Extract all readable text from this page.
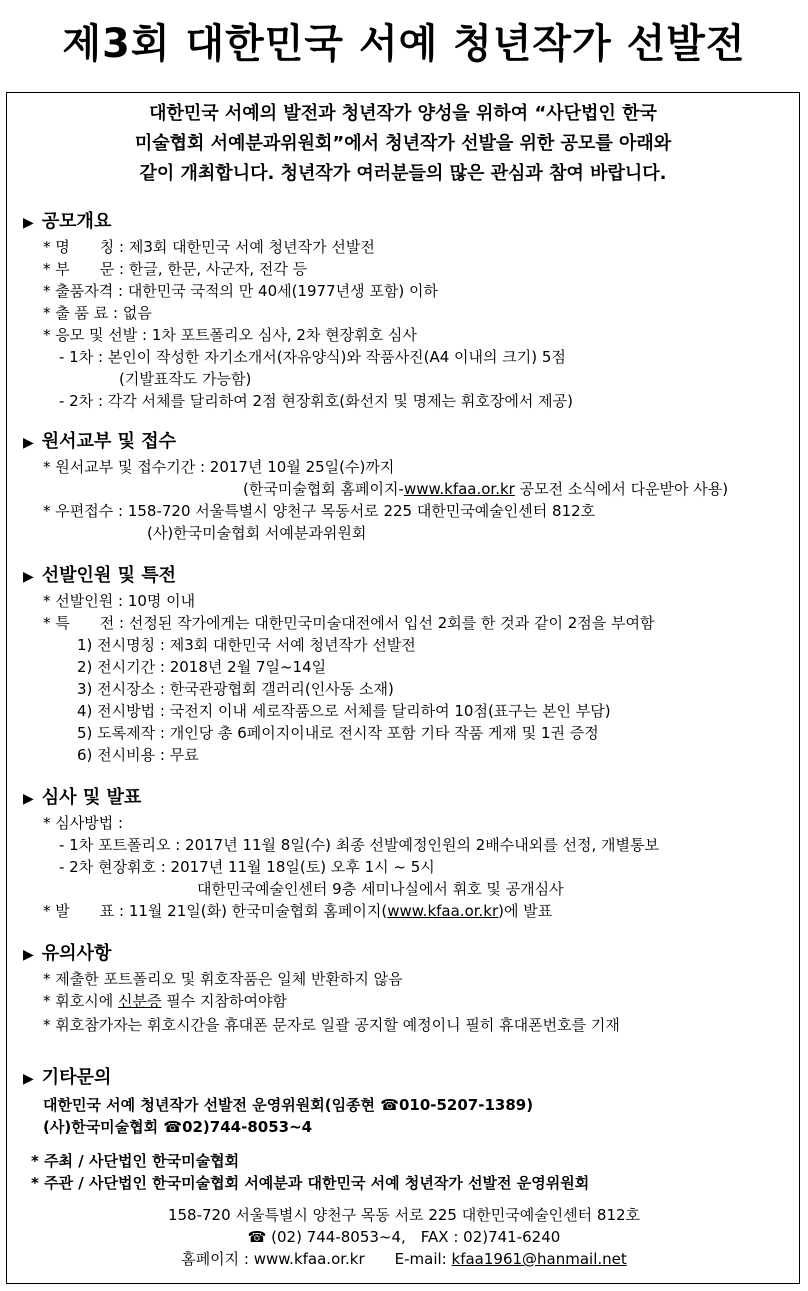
제3회 대한민국 서예 청년작가 선발전
대한민국 서예의 발전과 청년작가 양성을 위하여 “사단법인 한국
미술협회 서예분과위원회”에서 청년작가 선발을 위한 공모를 아래와
같이 개최합니다. 청년작가 여러분들의 많은 관심과 참여 바랍니다.
▶ 공모개요
* 명　　칭 : 제3회 대한민국 서예 청년작가 선발전
* 부　　문 : 한글, 한문, 사군자, 전각 등
* 출품자격 : 대한민국 국적의 만 40세(1977년생 포함) 이하
* 출 품 료 : 없음
* 응모 및 선발 : 1차 포트폴리오 심사, 2차 현장휘호 심사
- 1차 : 본인이 작성한 자기소개서(자유양식)와 작품사진(A4 이내의 크기) 5점
(기발표작도 가능함)
- 2차 : 각각 서체를 달리하여 2점 현장휘호(화선지 및 명제는 휘호장에서 제공)
▶ 원서교부 및 접수
* 원서교부 및 접수기간 : 2017년 10월 25일(수)까지
(한국미술협회 홈페이지-www.kfaa.or.kr 공모전 소식에서 다운받아 사용)
* 우편접수 : 158-720 서울특별시 양천구 목동서로 225 대한민국예술인센터 812호
(사)한국미술협회 서예분과위원회
▶ 선발인원 및 특전
* 선발인원 : 10명 이내
* 특　　전 : 선정된 작가에게는 대한민국미술대전에서 입선 2회를 한 것과 같이 2점을 부여함
1) 전시명칭 : 제3회 대한민국 서예 청년작가 선발전
2) 전시기간 : 2018년 2월 7일~14일
3) 전시장소 : 한국관광협회 갤러리(인사동 소재)
4) 전시방법 : 국전지 이내 세로작품으로 서체를 달리하여 10점(표구는 본인 부담)
5) 도록제작 : 개인당 총 6페이지이내로 전시작 포함 기타 작품 게재 및 1권 증정
6) 전시비용 : 무료
▶ 심사 및 발표
* 심사방법 :
- 1차 포트폴리오 : 2017년 11월 8일(수) 최종 선발예정인원의 2배수내외를 선정, 개별통보
- 2차 현장휘호 : 2017년 11월 18일(토) 오후 1시 ~ 5시
대한민국예술인센터 9층 세미나실에서 휘호 및 공개심사
* 발　　표 : 11월 21일(화) 한국미술협회 홈페이지(www.kfaa.or.kr)에 발표
▶ 유의사항
* 제출한 포트폴리오 및 휘호작품은 일체 반환하지 않음
* 휘호시에 신분증 필수 지참하여야함
* 휘호참가자는 휘호시간을 휴대폰 문자로 일괄 공지할 예정이니 필히 휴대폰번호를 기재
▶ 기타문의
대한민국 서예 청년작가 선발전 운영위원회(임종현 ☎010-5207-1389)
(사)한국미술협회 ☎02)744-8053~4
* 주최 / 사단법인 한국미술협회
* 주관 / 사단법인 한국미술협회 서예분과 대한민국 서예 청년작가 선발전 운영위원회
158-720 서울특별시 양천구 목동 서로 225 대한민국예술인센터 812호
☎ (02) 744-8053~4,　FAX : 02)741-6240
홈페이지 : www.kfaa.or.kr　　E-mail: kfaa1961@hanmail.net
